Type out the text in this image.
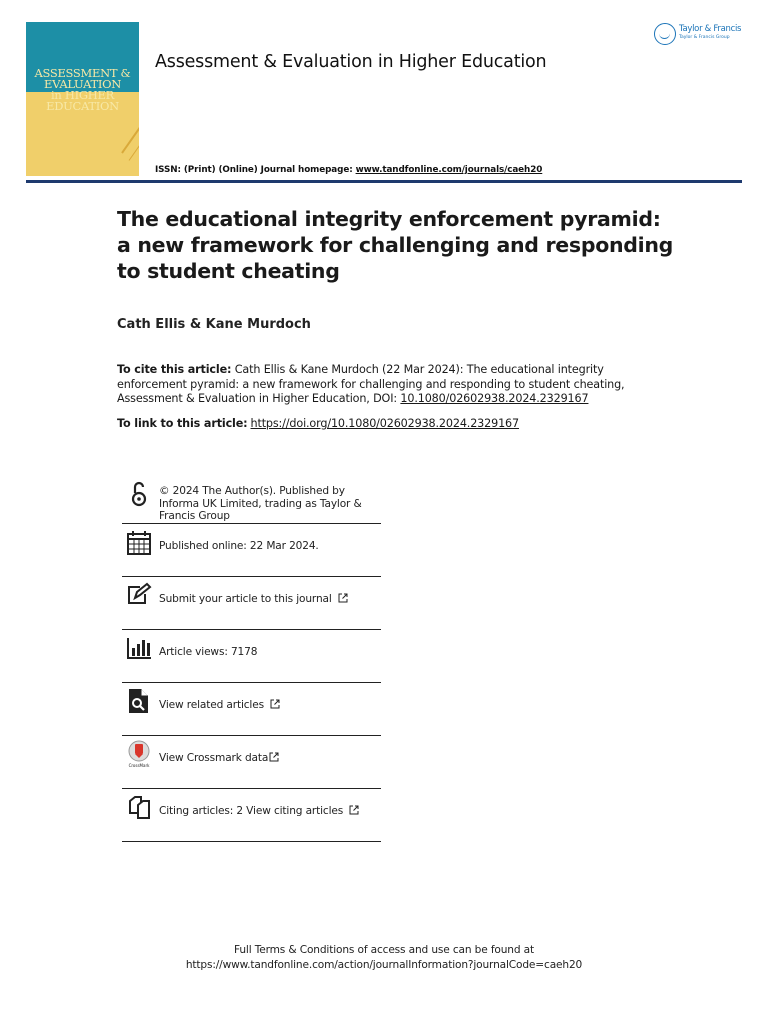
ASSESSMENT &
EVALUATION
in HIGHER
EDUCATION
Assessment & Evaluation in Higher Education
Taylor & Francis
Taylor & Francis Group
ISSN: (Print) (Online) Journal homepage: www.tandfonline.com/journals/caeh20
The educational integrity enforcement pyramid: a new framework for challenging and responding to student cheating
Cath Ellis & Kane Murdoch
To cite this article: Cath Ellis & Kane Murdoch (22 Mar 2024): The educational integrity enforcement pyramid: a new framework for challenging and responding to student cheating, Assessment & Evaluation in Higher Education, DOI: 10.1080/02602938.2024.2329167
To link to this article: https://doi.org/10.1080/02602938.2024.2329167
© 2024 The Author(s). Published by Informa UK Limited, trading as Taylor & Francis Group
Published online: 22 Mar 2024.
Submit your article to this journal
Article views: 7178
View related articles
CrossMark
View Crossmark data
Citing articles: 2 View citing articles
Full Terms & Conditions of access and use can be found at
https://www.tandfonline.com/action/journalInformation?journalCode=caeh20
